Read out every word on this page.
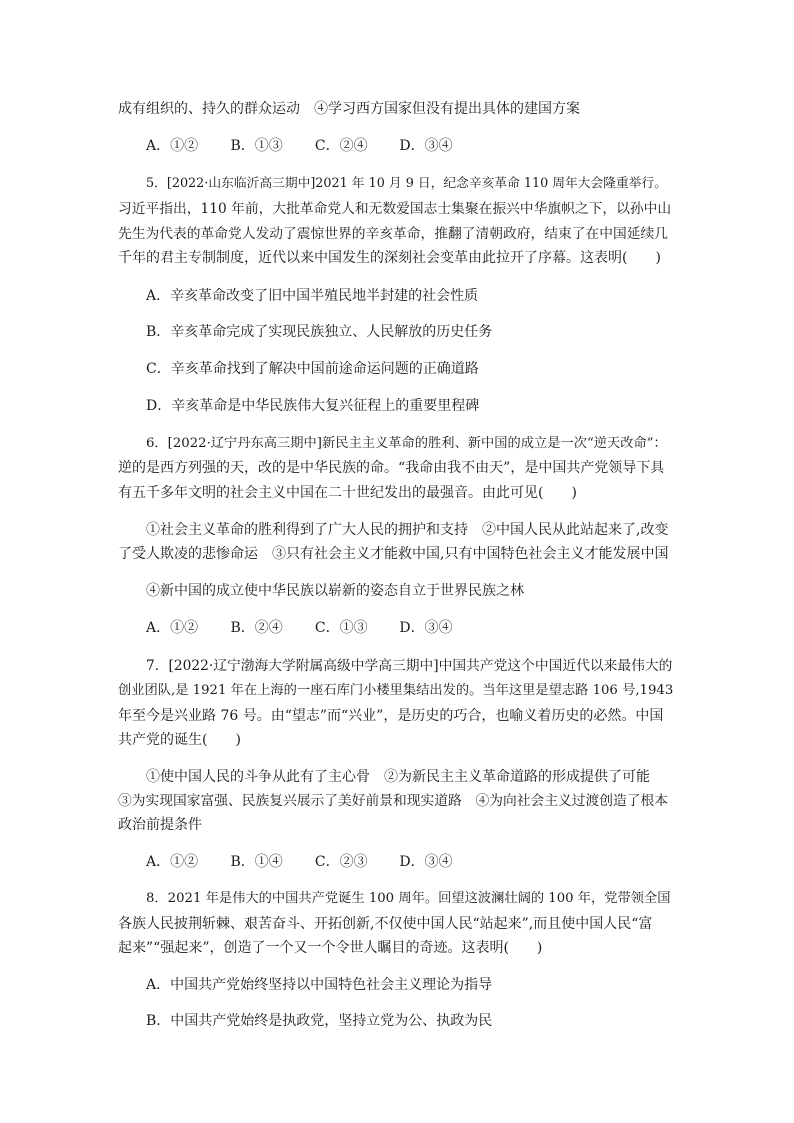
成有组织的、持久的群众运动　④学习西方国家但没有提出具体的建国方案
A．①② B．①③ C．②④ D．③④
5．[2022·山东临沂高三期中]2021 年 10 月 9 日，纪念辛亥革命 110 周年大会隆重举行。
习近平指出，110 年前，大批革命党人和无数爱国志士集聚在振兴中华旗帜之下，以孙中山
先生为代表的革命党人发动了震惊世界的辛亥革命，推翻了清朝政府，结束了在中国延续几
千年的君主专制制度，近代以来中国发生的深刻社会变革由此拉开了序幕。这表明(　　)
A．辛亥革命改变了旧中国半殖民地半封建的社会性质
B．辛亥革命完成了实现民族独立、人民解放的历史任务
C．辛亥革命找到了解决中国前途命运问题的正确道路
D．辛亥革命是中华民族伟大复兴征程上的重要里程碑
6．[2022·辽宁丹东高三期中]新民主主义革命的胜利、新中国的成立是一次“逆天改命”：
逆的是西方列强的天，改的是中华民族的命。“我命由我不由天”，是中国共产党领导下具
有五千多年文明的社会主义中国在二十世纪发出的最强音。由此可见(　　)
①社会主义革命的胜利得到了广大人民的拥护和支持　②中国人民从此站起来了,改变
了受人欺凌的悲惨命运　③只有社会主义才能救中国,只有中国特色社会主义才能发展中国
④新中国的成立使中华民族以崭新的姿态自立于世界民族之林
A．①② B．②④ C．①③ D．③④
7．[2022·辽宁渤海大学附属高级中学高三期中]中国共产党这个中国近代以来最伟大的
创业团队,是 1921 年在上海的一座石库门小楼里集结出发的。当年这里是望志路 106 号,1943
年至今是兴业路 76 号。由“望志”而“兴业”，是历史的巧合，也喻义着历史的必然。中国
共产党的诞生(　　)
①使中国人民的斗争从此有了主心骨　②为新民主主义革命道路的形成提供了可能
③为实现国家富强、民族复兴展示了美好前景和现实道路　④为向社会主义过渡创造了根本
政治前提条件
A．①② B．①④ C．②③ D．③④
8．2021 年是伟大的中国共产党诞生 100 周年。回望这波澜壮阔的 100 年，党带领全国
各族人民披荆斩棘、艰苦奋斗、开拓创新,不仅使中国人民“站起来”,而且使中国人民“富
起来”“强起来”，创造了一个又一个令世人瞩目的奇迹。这表明(　　)
A．中国共产党始终坚持以中国特色社会主义理论为指导
B．中国共产党始终是执政党，坚持立党为公、执政为民
